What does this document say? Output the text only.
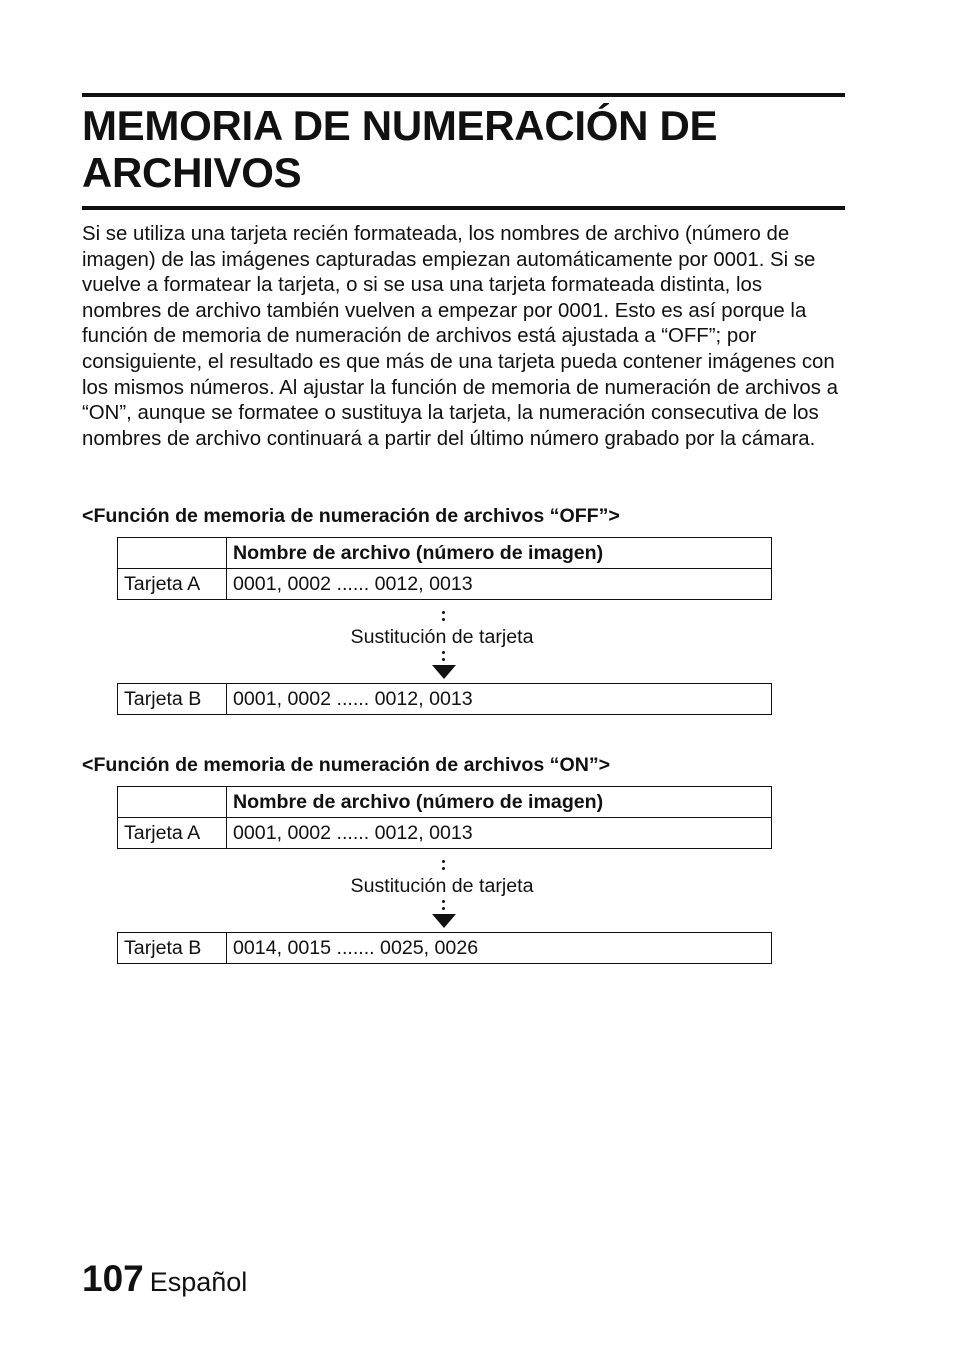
MEMORIA DE NUMERACIÓN DE ARCHIVOS

Si se utiliza una tarjeta recién formateada, los nombres de archivo (número de imagen) de las imágenes capturadas empiezan automáticamente por 0001. Si se vuelve a formatear la tarjeta, o si se usa una tarjeta formateada distinta, los nombres de archivo también vuelven a empezar por 0001. Esto es así porque la función de memoria de numeración de archivos está ajustada a “OFF”; por consiguiente, el resultado es que más de una tarjeta pueda contener imágenes con los mismos números. Al ajustar la función de memoria de numeración de archivos a “ON”, aunque se formatee o sustituya la tarjeta, la numeración consecutiva de los nombres de archivo continuará a partir del último número grabado por la cámara.

<Función de memoria de numeración de archivos “OFF”>
	Nombre de archivo (número de imagen)
Tarjeta A	0001, 0002 ...... 0012, 0013
Sustitución de tarjeta
Tarjeta B	0001, 0002 ...... 0012, 0013
<Función de memoria de numeración de archivos “ON”>
	Nombre de archivo (número de imagen)
Tarjeta A	0001, 0002 ...... 0012, 0013
Sustitución de tarjeta
Tarjeta B	0014, 0015 ....... 0025, 0026
107 Español
